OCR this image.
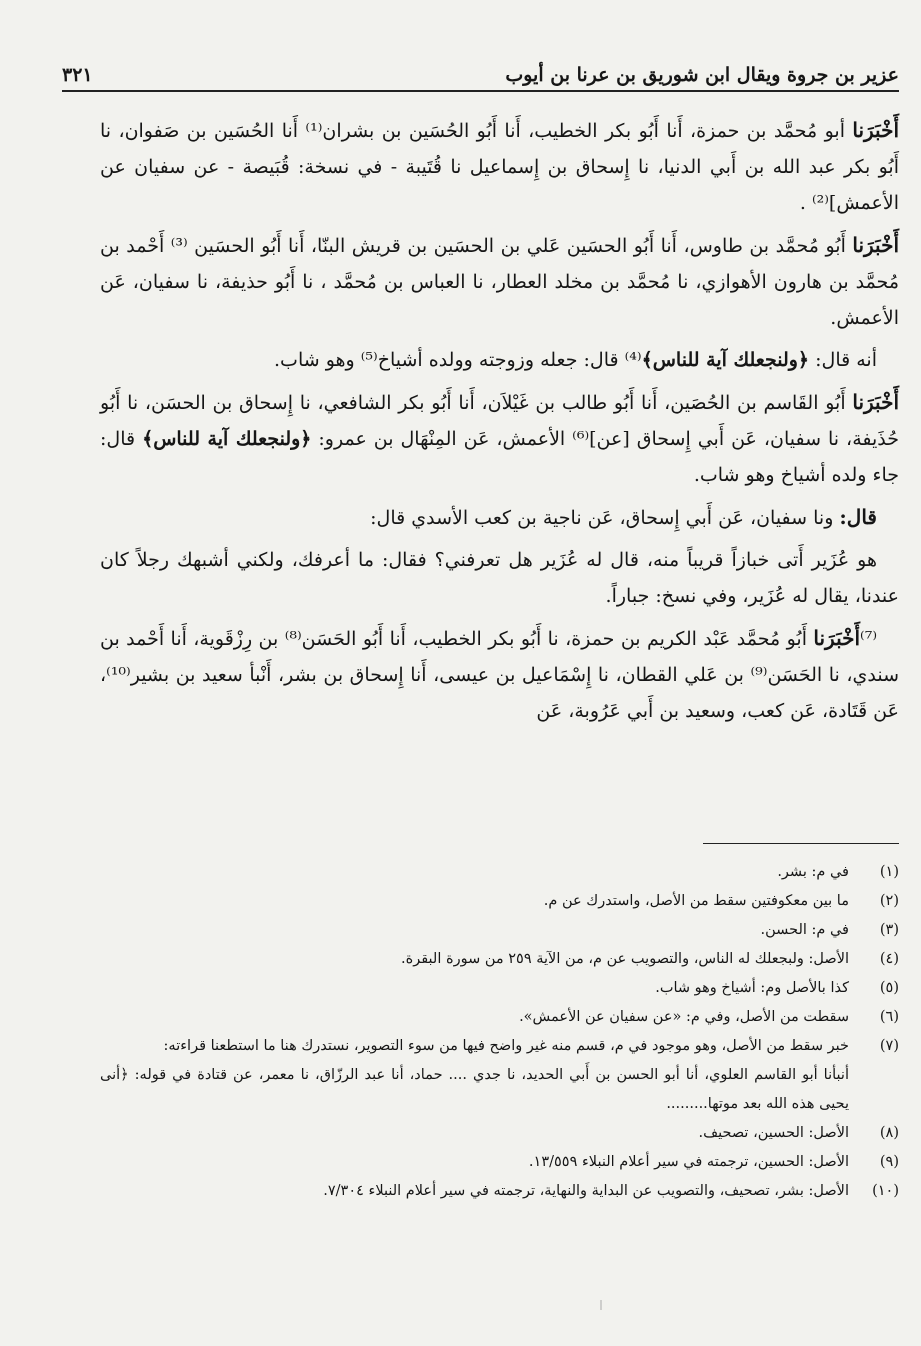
عزير بن جروة ويقال ابن شوريق بن عرنا بن أيوب
٣٢١

أَخْبَرَنا أبو مُحمَّد بن حمزة، أَنا أَبُو بكر الخطيب، أَنا أَبُو الحُسَين بن بشران⁽¹⁾ أَنا الحُسَين بن صَفوان، نا أَبُو بكر عبد الله بن أَبي الدنيا، نا إِسحاق بن إِسماعيل نا قُتَيبة - في نسخة: قُبَيصة - عن سفيان عن الأعمش]⁽²⁾ .

أَخْبَرَنا أَبُو مُحمَّد بن طاوس، أَنا أَبُو الحسَين عَلي بن الحسَين بن قريش البنّا، أَنا أَبُو الحسَين ⁽³⁾ أَحْمد بن مُحمَّد بن هارون الأهوازي، نا مُحمَّد بن مخلد العطار، نا العباس بن مُحمَّد ، نا أَبُو حذيفة، نا سفيان، عَن الأعمش.

أنه قال: ﴿ولنجعلك آية للناس﴾⁽⁴⁾ قال: جعله وزوجته وولده أشياخ⁽⁵⁾ وهو شاب.

أَخْبَرَنا أَبُو القَاسم بن الحُصَين، أَنا أَبُو طالب بن غَيْلاَن، أَنا أَبُو بكر الشافعي، نا إِسحاق بن الحسَن، نا أَبُو حُذَيفة، نا سفيان، عَن أَبي إِسحاق [عن]⁽⁶⁾ الأعمش، عَن المِنْهَال بن عمرو: ﴿ولنجعلك آية للناس﴾ قال: جاء ولده أشياخ وهو شاب.

قال: ونا سفيان، عَن أَبي إِسحاق، عَن ناجية بن كعب الأسدي قال:

هو عُزَير أَتى خبازاً قريباً منه، قال له عُزَير هل تعرفني؟ فقال: ما أعرفك، ولكني أشبهك رجلاً كان عندنا، يقال له عُزَير، وفي نسخ: جباراً.

⁽⁷⁾أَخْبَرَنا أَبُو مُحمَّد عَبْد الكريم بن حمزة، نا أَبُو بكر الخطيب، أَنا أَبُو الحَسَن⁽⁸⁾ بن رِزْقَوية، أَنا أَحْمد بن سندي، نا الحَسَن⁽⁹⁾ بن عَلي القطان، نا إِسْمَاعيل بن عيسى، أَنا إِسحاق بن بشر، أَنْبأ سعيد بن بشير⁽¹⁰⁾، عَن قَتَادة، عَن كعب، وسعيد بن أَبي عَرُوبة، عَن

(١)
في م: بشر.
(٢)
ما بين معكوفتين سقط من الأصل، واستدرك عن م.
(٣)
في م: الحسن.
(٤)
الأصل: ولبجعلك له الناس، والتصويب عن م، من الآية ٢٥٩ من سورة البقرة.
(٥)
كذا بالأصل وم: أشياخ وهو شاب.
(٦)
سقطت من الأصل، وفي م: «عن سفيان عن الأعمش».
(٧)
خبر سقط من الأصل، وهو موجود في م، قسم منه غير واضح فيها من سوء التصوير، نستدرك هنا ما استطعنا قراءته:
أنبأنا أبو القاسم العلوي، أنا أبو الحسن بن أَبي الحديد، نا جدي .... حماد، أنا عبد الرزّاق، نا معمر، عن قتادة في قوله: ﴿أنى يحيى هذه الله بعد موتها.........
(٨)
الأصل: الحسين، تصحيف.
(٩)
الأصل: الحسين، ترجمته في سير أعلام النبلاء ١٣/٥٥٩.
(١٠)
الأصل: بشر، تصحيف، والتصويب عن البداية والنهاية، ترجمته في سير أعلام النبلاء ٧/٣٠٤.
